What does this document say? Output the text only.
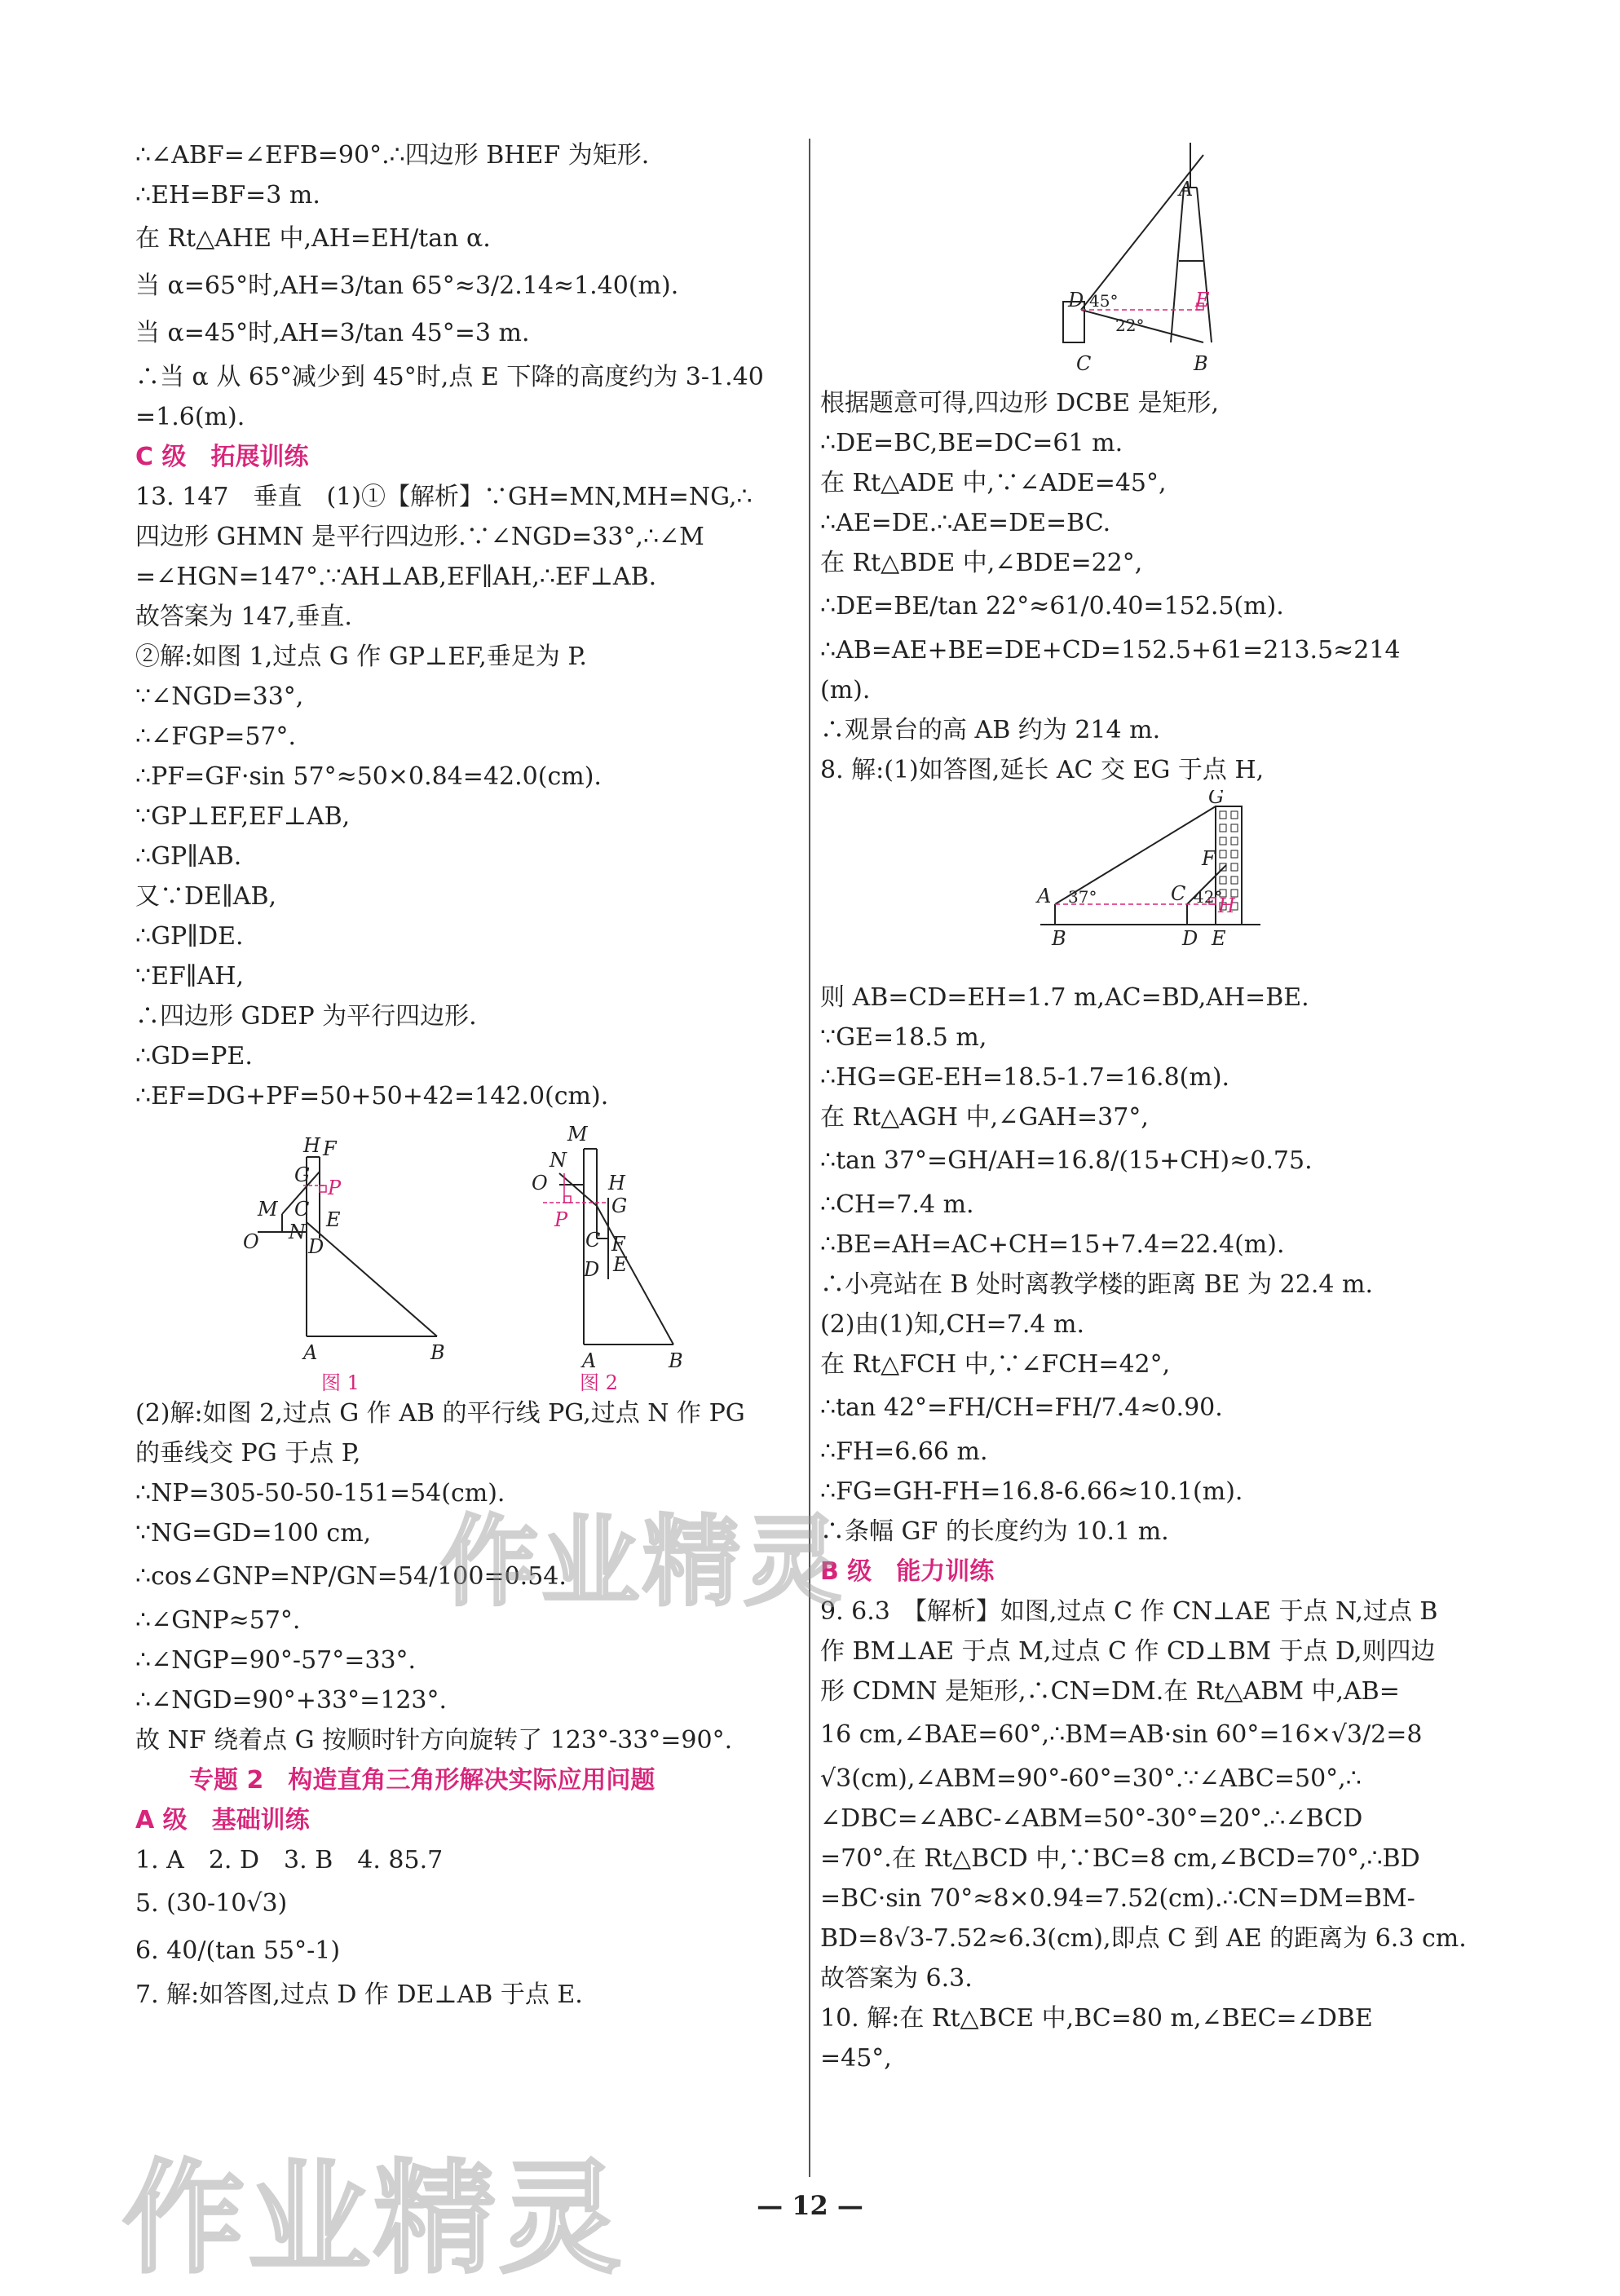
∴∠ABF=∠EFB=90°.∴四边形 BHEF 为矩形.
∴EH=BF=3 m.
在 Rt△AHE 中,AH=EH/tan α.
当 α=65°时,AH=3/tan 65°≈3/2.14≈1.40(m).
当 α=45°时,AH=3/tan 45°=3 m.
∴当 α 从 65°减少到 45°时,点 E 下降的高度约为 3-1.40
=1.6(m).
C 级　拓展训练
13. 147　垂直　(1)①【解析】∵GH=MN,MH=NG,∴
四边形 GHMN 是平行四边形.∵∠NGD=33°,∴∠M
=∠HGN=147°.∵AH⊥AB,EF∥AH,∴EF⊥AB.
故答案为 147,垂直.
②解:如图 1,过点 G 作 GP⊥EF,垂足为 P.
∵∠NGD=33°,
∴∠FGP=57°.
∴PF=GF·sin 57°≈50×0.84=42.0(cm).
∵GP⊥EF,EF⊥AB,
∴GP∥AB.
又∵DE∥AB,
∴GP∥DE.
∵EF∥AH,
∴四边形 GDEP 为平行四边形.
∴GD=PE.
∴EF=DG+PF=50+50+42=142.0(cm).
H F
G
P
M C
N
D
E
O
A	B
图 1
M
N
O	H
G
P
C F
D E
A	B
图 2
(2)解:如图 2,过点 G 作 AB 的平行线 PG,过点 N 作 PG
的垂线交 PG 于点 P,
∴NP=305-50-50-151=54(cm).
∵NG=GD=100 cm,
∴cos∠GNP=NP/GN=54/100=0.54.
∴∠GNP≈57°.
∴∠NGP=90°-57°=33°.
∴∠NGD=90°+33°=123°.
故 NF 绕着点 G 按顺时针方向旋转了 123°-33°=90°.
专题 2　构造直角三角形解决实际应用问题
A 级　基础训练
1. A　2. D　3. B　4. 85.7
5. (30-10√3)
6. 40/(tan 55°-1)
7. 解:如答图,过点 D 作 DE⊥AB 于点 E.
A
D 45°	E
22°
C	B
根据题意可得,四边形 DCBE 是矩形,
∴DE=BC,BE=DC=61 m.
在 Rt△ADE 中,∵∠ADE=45°,
∴AE=DE.∴AE=DE=BC.
在 Rt△BDE 中,∠BDE=22°,
∴DE=BE/tan 22°≈61/0.40=152.5(m).
∴AB=AE+BE=DE+CD=152.5+61=213.5≈214
(m).
∴观景台的高 AB 约为 214 m.
8. 解:(1)如答图,延长 AC 交 EG 于点 H,
G
F
A 37°	C 42°
H
B	D E
则 AB=CD=EH=1.7 m,AC=BD,AH=BE.
∵GE=18.5 m,
∴HG=GE-EH=18.5-1.7=16.8(m).
在 Rt△AGH 中,∠GAH=37°,
∴tan 37°=GH/AH=16.8/(15+CH)≈0.75.
∴CH=7.4 m.
∴BE=AH=AC+CH=15+7.4=22.4(m).
∴小亮站在 B 处时离教学楼的距离 BE 为 22.4 m.
(2)由(1)知,CH=7.4 m.
在 Rt△FCH 中,∵∠FCH=42°,
∴tan 42°=FH/CH=FH/7.4≈0.90.
∴FH=6.66 m.
∴FG=GH-FH=16.8-6.66≈10.1(m).
∴条幅 GF 的长度约为 10.1 m.
B 级　能力训练
9. 6.3　【解析】如图,过点 C 作 CN⊥AE 于点 N,过点 B
作 BM⊥AE 于点 M,过点 C 作 CD⊥BM 于点 D,则四边
形 CDMN 是矩形,∴CN=DM.在 Rt△ABM 中,AB=
16 cm,∠BAE=60°,∴BM=AB·sin 60°=16×√3/2=8
√3(cm),∠ABM=90°-60°=30°.∵∠ABC=50°,∴
∠DBC=∠ABC-∠ABM=50°-30°=20°.∴∠BCD
=70°.在 Rt△BCD 中,∵BC=8 cm,∠BCD=70°,∴BD
=BC·sin 70°≈8×0.94=7.52(cm).∴CN=DM=BM-
BD=8√3-7.52≈6.3(cm),即点 C 到 AE 的距离为 6.3 cm.
故答案为 6.3.
10. 解:在 Rt△BCE 中,BC=80 m,∠BEC=∠DBE
=45°,
作业精灵
作业精灵	— 12 —
